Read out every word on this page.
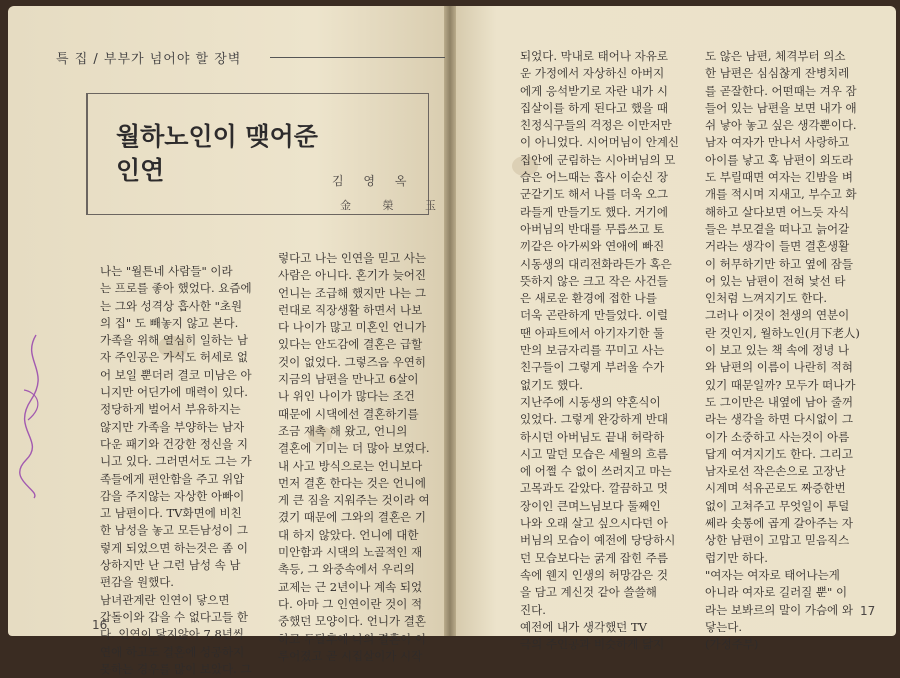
특 집 / 부부가 넘어야 할 장벽
월하노인이 맺어준
인연	김 영 옥
金 榮 玉
나는 "월튼네 사람들" 이라
는 프로를 좋아 했었다. 요즘에
는 그와 성격상 흡사한 "초원
의 집" 도 빼놓지 않고 본다.
가족을 위해 열심히 일하는 남
자 주인공은 가식도 허세로 없
어 보일 뿐더러 결코 미남은 아
니지만 어딘가에 매력이 있다.
정당하게 벌어서 부유하지는
않지만 가족을 부양하는 남자
다운 패기와 건강한 정신을 지
니고 있다. 그러면서도 그는 가
족들에게 편안함을 주고 위압
감을 주지않는 자상한 아빠이
고 남편이다. TV화면에 비친
한 남성을 놓고 모든남성이 그
렇게 되었으면 하는것은 좀 이
상하지만 난 그런 남성 속 남
편감을 원했다.
남녀관계란 인연이 닿으면
갑돌이와 갑을 수 없다고들 한
다. 인연이 닿지않아 7,8년씩
연애 하고도 결혼에 성공하지
못하는 경우를 많이 보았다. 그
렇다고 나는 인연을 믿고 사는
사람은 아니다. 혼기가 늦어진
언니는 조급해 했지만 나는 그
런대로 직장생활 하면서 나보
다 나이가 많고 미혼인 언니가
있다는 안도감에 결혼은 급할
것이 없었다. 그렇즈음 우연히
지금의 남편을 만나고 6살이
나 위인 나이가 많다는 조건
때문에 시댁에선 결혼하기를
조금 재촉 해 왔고, 언니의
결혼에 기미는 더 많아 보였다.
내 사고 방식으로는 언니보다
먼저 결혼 한다는 것은 언니에
게 큰 짐을 지워주는 것이라 여
겼기 때문에 그와의 결혼은 기
대 하지 않았다. 언니에 대한
미안함과 시댁의 노골적인 재
촉등, 그 와중속에서 우리의
교제는 근 2년이나 계속 되었
다. 아마 그 인연이란 것이 적
중했던 모양이다. 언니가 결혼
하고 두달후에 나의 결혼이 이
루어졌고 곧 시집살이가 시작
되었다. 막내로 태어나 자유로
운 가정에서 자상하신 아버지
에게 응석받기로 자란 내가 시
집살이를 하게 된다고 했을 때
친정식구들의 걱정은 이만저만
이 아니었다. 시어머님이 안계신
집안에 군림하는 시아버님의 모
습은 어느때는 흡사 이순신 장
군같기도 해서 나를 더욱 오그
라들게 만들기도 했다. 거기에
아버님의 반대를 무릅쓰고 토
끼같은 아가씨와 연애에 빠진
시동생의 대리전화라든가 혹은
뜻하지 않은 크고 작은 사건들
은 새로운 환경에 접한 나를
더욱 곤란하게 만들었다. 이럴
땐 아파트에서 아기자기한 둘
만의 보금자리를 꾸미고 사는
친구들이 그렇게 부러울 수가
없기도 했다.
지난주에 시동생의 약혼식이
있었다. 그렇게 완강하게 반대
하시던 아버님도 끝내 허락하
시고 말던 모습은 세월의 흐름
에 어쩔 수 없이 쓰러지고 마는
고목과도 같았다. 깔끔하고 멋
장이인 큰며느님보다 둘째인
나와 오래 살고 싶으시다던 아
버님의 모습이 예전에 당당하시
던 모습보다는 굵게 잡힌 주름
속에 웬지 인생의 허망감은 것
을 담고 계신것 같아 쓸쓸해
진다.
예전에 내가 생각했던 TV
극의 주인공과 비슷하게 닮지
도 않은 남편, 체격부터 의소
한 남편은 심심찮게 잔병치레
를 곧잘한다. 어떤때는 겨우 잠
들어 있는 남편을 보면 내가 애
쉬 낳아 놓고 싶은 생각뿐이다.
남자 여자가 만나서 사랑하고
아이를 낳고 혹 남편이 외도라
도 부릴때면 여자는 긴밤을 벼
개를 적시며 지새고, 부수고 화
해하고 살다보면 어느듯 자식
들은 부모곁을 떠나고 늙어갈
거라는 생각이 들면 결혼생활
이 허무하기만 하고 옆에 잠들
어 있는 남편이 전혀 낯선 타
인처럼 느껴지기도 한다.
그러나 이것이 천생의 연분이
란 것인지, 월하노인(月下老人)
이 보고 있는 책 속에 정녕 나
와 남편의 이름이 나란히 적혀
있기 때문일까? 모두가 떠나가
도 그이만은 내옆에 남아 줄꺼
라는 생각을 하면 다시없이 그
이가 소중하고 사는것이 아름
답게 여겨지기도 한다. 그리고
남자로선 작은손으로 고장난
시계며 석유곤로도 짜증한번
없이 고쳐주고 무엇일이 투덜
쎄라 솟통에 곱게 갈아주는 자
상한 남편이 고맙고 믿음직스
럽기만 하다.
"여자는 여자로 태어나는게
아니라 여자로 길러질 뿐" 이
라는 보봐르의 말이 가슴에 와
닿는다.
(가정주부)
16
17
